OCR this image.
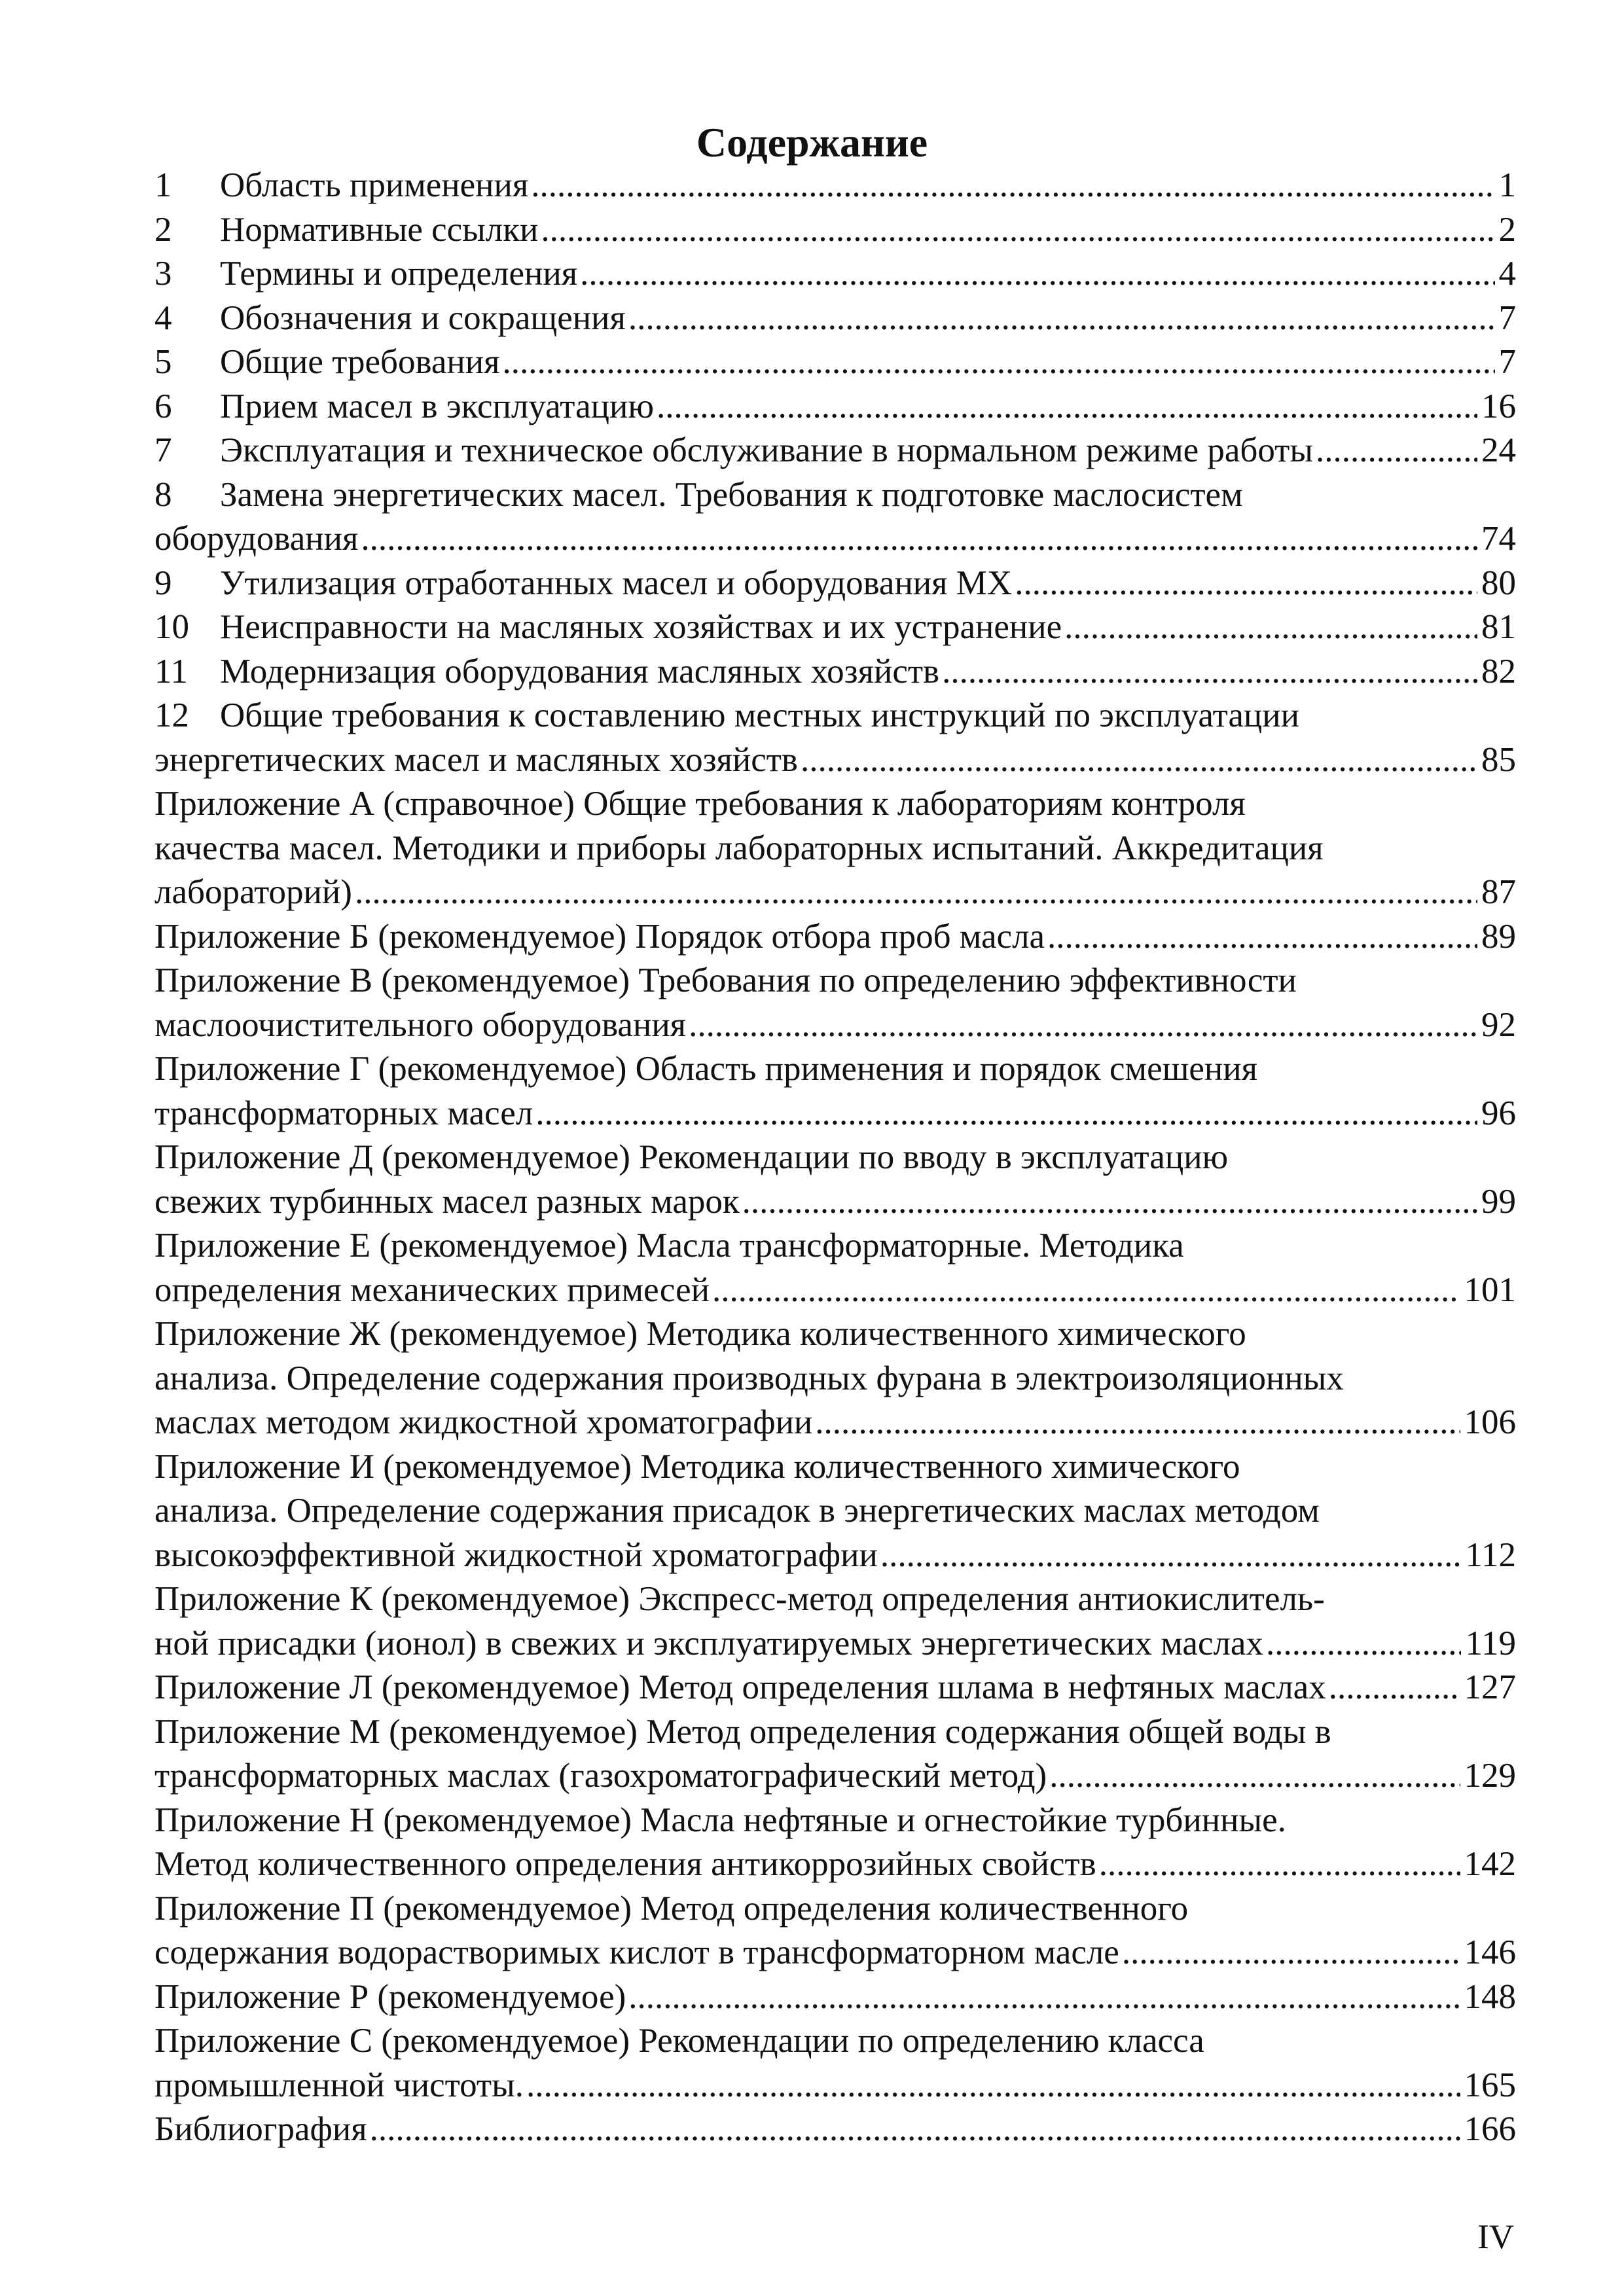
Содержание
1	Область применения .....	1
2	Нормативные ссылки .....	2
3	Термины и определения .....	4
4	Обозначения и сокращения .....	7
5	Общие требования .....	7
6	Прием масел в эксплуатацию .....	16
7	Эксплуатация и техническое обслуживание в нормальном режиме работы .....	24
8 Замена энергетических масел. Требования к подготовке маслосистем
оборудования .....	74
9	Утилизация отработанных масел и оборудования МХ .....	80
10 Неисправности на масляных хозяйствах и их устранение .....	81
11 Модернизация оборудования масляных хозяйств .....	82
12 Общие требования к составлению местных инструкций по эксплуатации
энергетических масел и масляных хозяйств .....	85
Приложение А (справочное) Общие требования к лабораториям контроля
качества масел. Методики и приборы лабораторных испытаний. Аккредитация
лабораторий) .....	87
Приложение Б (рекомендуемое) Порядок отбора проб масла .....	89
Приложение В (рекомендуемое) Требования по определению эффективности
маслоочистительного оборудования .....	92
Приложение Г (рекомендуемое) Область применения и порядок смешения
трансформаторных масел .....	96
Приложение Д (рекомендуемое) Рекомендации по вводу в эксплуатацию
свежих турбинных масел разных марок .....	99
Приложение Е (рекомендуемое) Масла трансформаторные. Методика
определения механических примесей .....	101
Приложение Ж (рекомендуемое) Методика количественного химического
анализа. Определение содержания производных фурана в электроизоляционных
маслах методом жидкостной хроматографии .....	106
Приложение И (рекомендуемое) Методика количественного химического
анализа. Определение содержания присадок в энергетических маслах методом
высокоэффективной жидкостной хроматографии .....	112
Приложение К (рекомендуемое) Экспресс-метод определения антиокислитель-
ной присадки (ионол) в свежих и эксплуатируемых энергетических маслах .....	119
Приложение Л (рекомендуемое) Метод определения шлама в нефтяных маслах .....	127
Приложение М (рекомендуемое) Метод определения содержания общей воды в
трансформаторных маслах (газохроматографический метод) .....	129
Приложение Н (рекомендуемое) Масла нефтяные и огнестойкие турбинные.
Метод количественного определения антикоррозийных свойств .....	142
Приложение П (рекомендуемое) Метод определения количественного
содержания водорастворимых кислот в трансформаторном масле .....	146
Приложение Р (рекомендуемое) .....	148
Приложение С (рекомендуемое) Рекомендации по определению класса
промышленной чистоты. .....	165
Библиография .....	166
IV
